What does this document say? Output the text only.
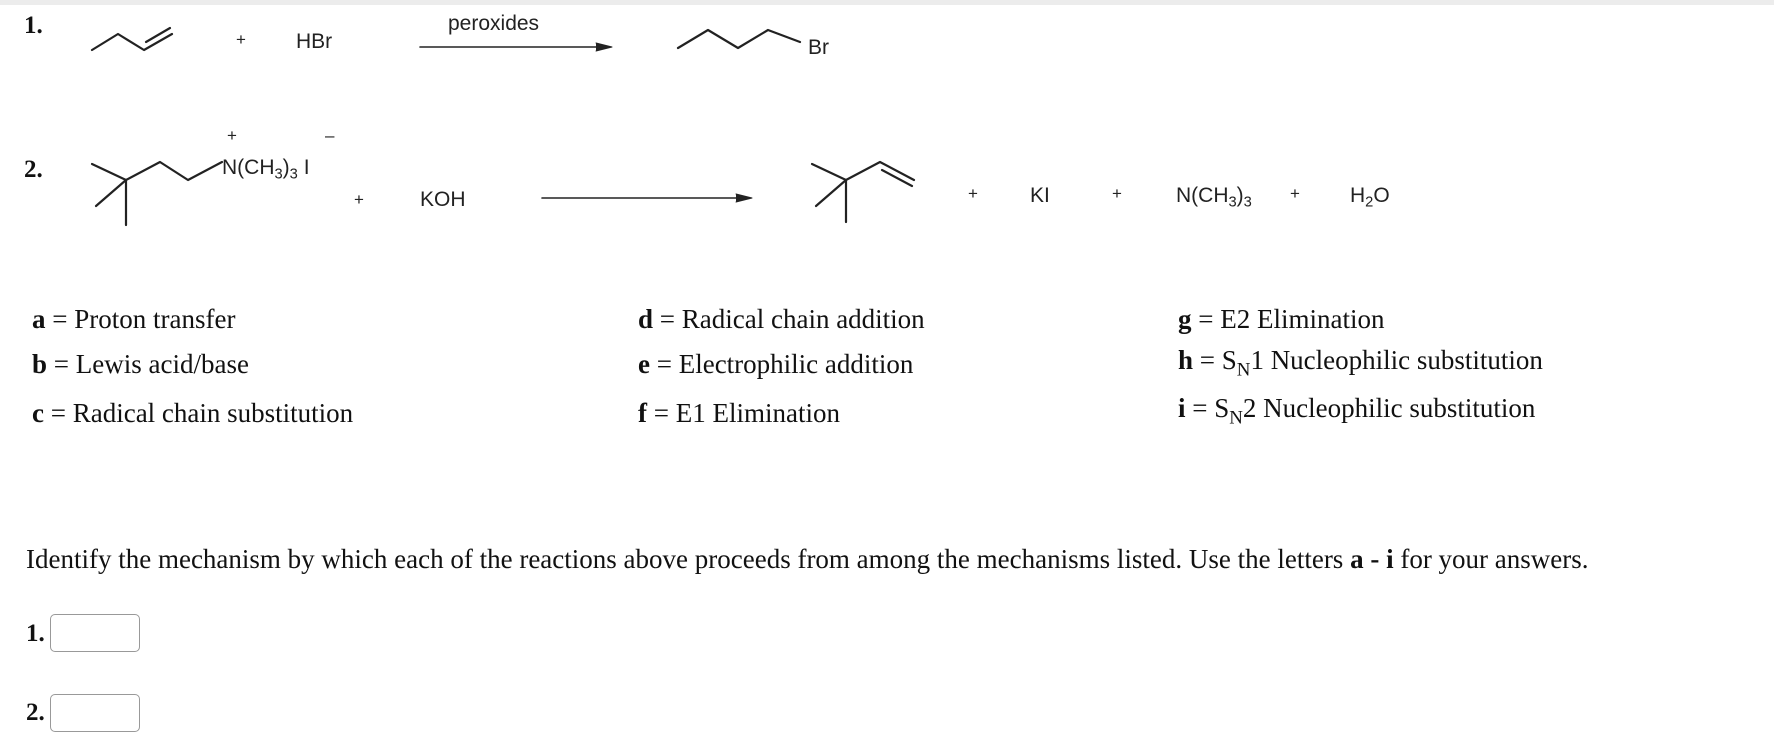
1.
+ HBr
peroxides
Br
2.
+	–
$N(CH_3)_3$ I
+	KOH	+ KI	+	$N(CH_3)_3 + H_2O$
a = Proton transfer
b = Lewis acid/base
c = Radical chain substitution
d = Radical chain addition
e = Electrophilic addition
f = E1 Elimination
g = E2 Elimination
$h = S_N1$ Nucleophilic substitution
$i = S_N2$ Nucleophilic substitution
Identify the mechanism by which each of the reactions above proceeds from among the mechanisms listed. Use the letters a - i for your answers.
1.
2.
